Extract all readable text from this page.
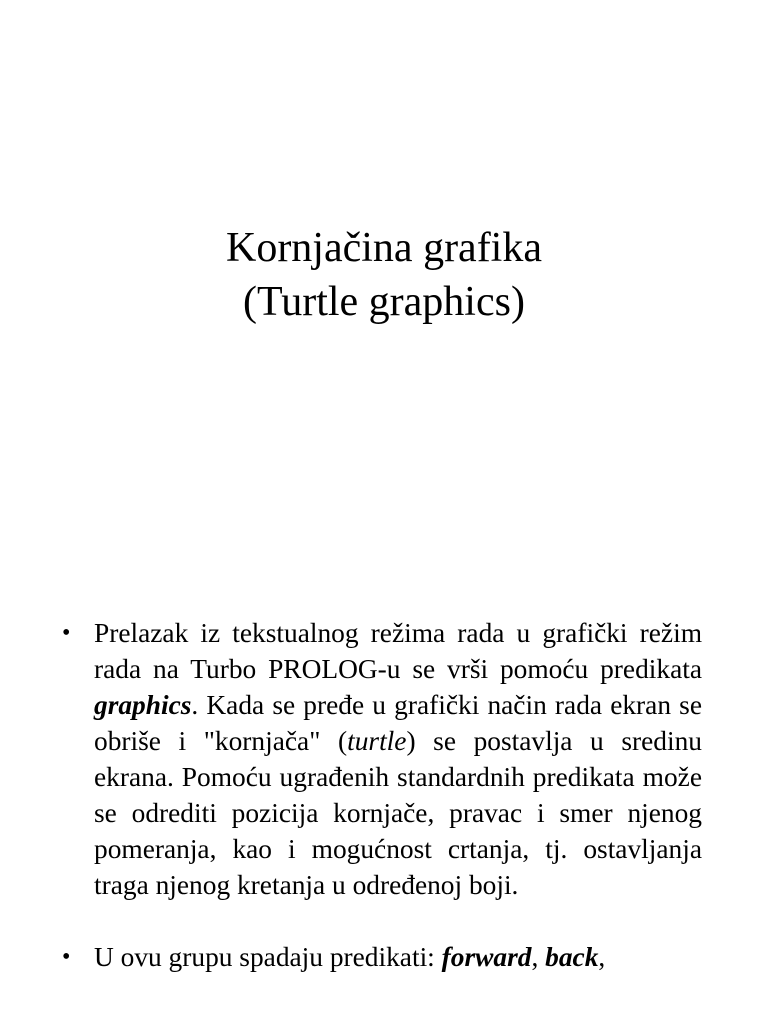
Kornjačina grafika
(Turtle graphics)
• Prelazak iz tekstualnog režima rada u grafički režim rada na Turbo PROLOG-u se vrši pomoću predikata graphics. Kada se pređe u grafički način rada ekran se obriše i "kornjača" (turtle) se postavlja u sredinu ekrana. Pomoću ugrađenih standardnih predikata može se odrediti pozicija kornjače, pravac i smer njenog pomeranja, kao i mogućnost crtanja, tj. ostavljanja traga njenog kretanja u određenoj boji.
• U ovu grupu spadaju predikati: forward, back,
